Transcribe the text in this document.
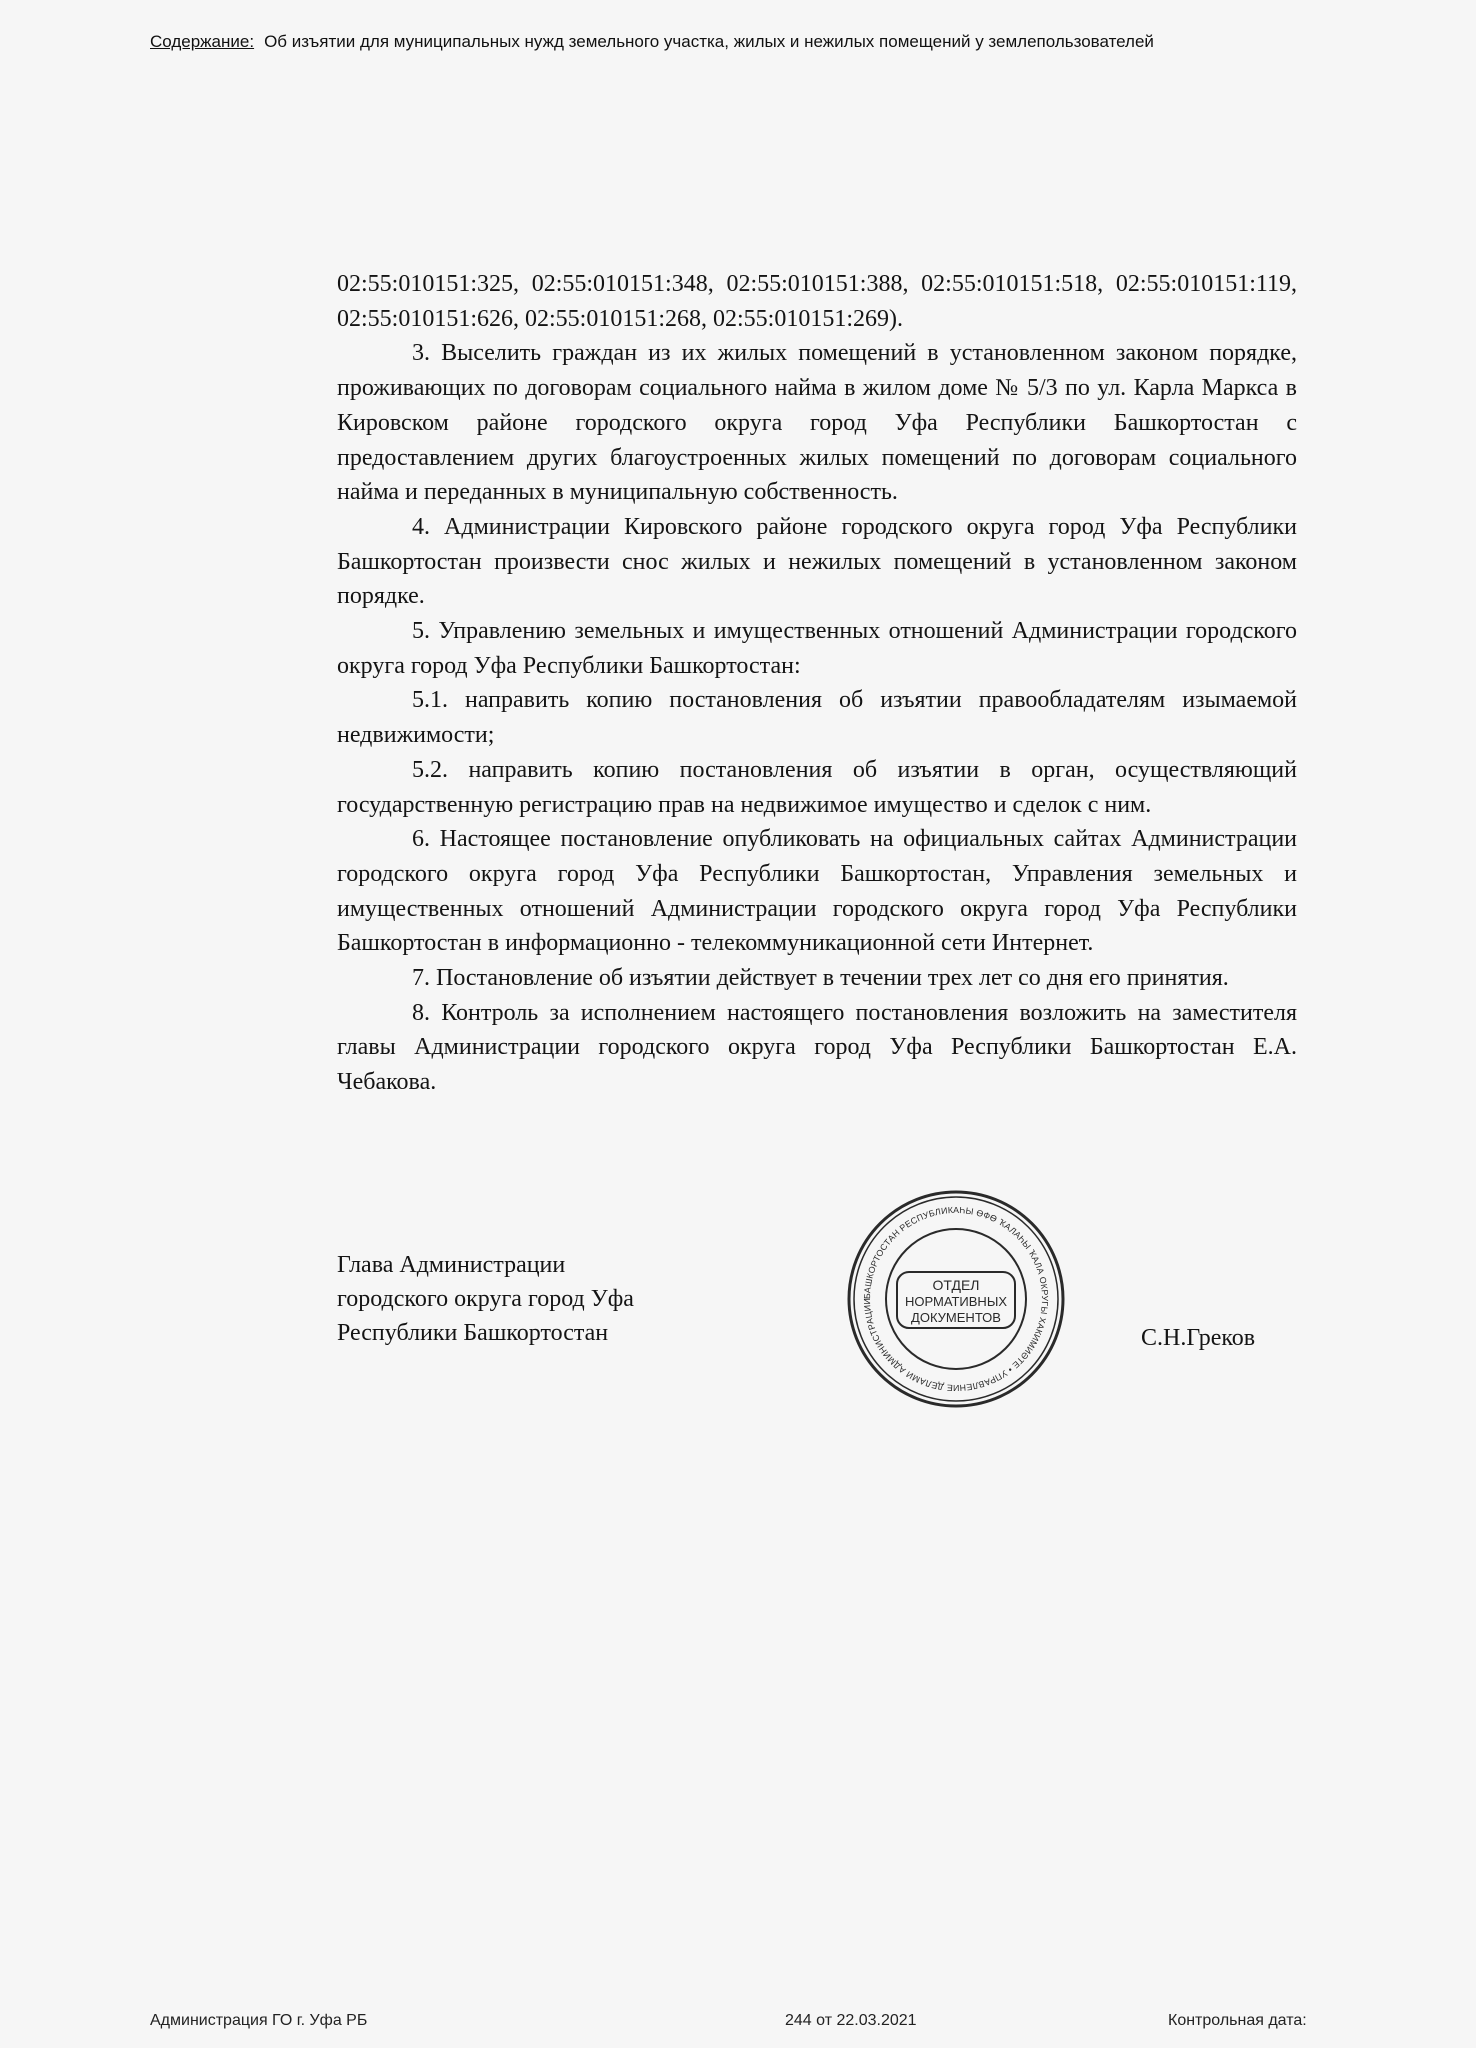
Содержание: Об изъятии для муниципальных нужд земельного участка, жилых и нежилых помещений у землепользователей

02:55:010151:325, 02:55:010151:348, 02:55:010151:388, 02:55:010151:518, 02:55:010151:119, 02:55:010151:626, 02:55:010151:268, 02:55:010151:269).

3. Выселить граждан из их жилых помещений в установленном законом порядке, проживающих по договорам социального найма в жилом доме № 5/3 по ул. Карла Маркса в Кировском районе городского округа город Уфа Республики Башкортостан с предоставлением других благоустроенных жилых помещений по договорам социального найма и переданных в муниципальную собственность.

4. Администрации Кировского районе городского округа город Уфа Республики Башкортостан произвести снос жилых и нежилых помещений в установленном законом порядке.

5. Управлению земельных и имущественных отношений Администрации городского округа город Уфа Республики Башкортостан:

5.1. направить копию постановления об изъятии правообладателям изымаемой недвижимости;

5.2. направить копию постановления об изъятии в орган, осуществляющий государственную регистрацию прав на недвижимое имущество и сделок с ним.

6. Настоящее постановление опубликовать на официальных сайтах Администрации городского округа город Уфа Республики Башкортостан, Управления земельных и имущественных отношений Администрации городского округа город Уфа Республики Башкортостан в информационно - телекоммуникационной сети Интернет.

7. Постановление об изъятии действует в течении трех лет со дня его принятия.

8. Контроль за исполнением настоящего постановления возложить на заместителя главы Администрации городского округа город Уфа Республики Башкортостан Е.А. Чебакова.

Глава Администрации
городского округа город Уфа
Республики Башкортостан	С.Н.Греков
БАШКОРТОСТАН РЕСПУБЛИКАҺЫ ӨФӨ ҠАЛАҺЫ ҠАЛА ОКРУГЫ ХАКИМИӘТЕ • УПРАВЛЕНИЕ ДЕЛАМИ АДМИНИСТРАЦИИ
ОТДЕЛ
НОРМАТИВНЫХ
ДОКУМЕНТОВ
Администрация ГО г. Уфа РБ	244 от 22.03.2021	Контрольная дата:
